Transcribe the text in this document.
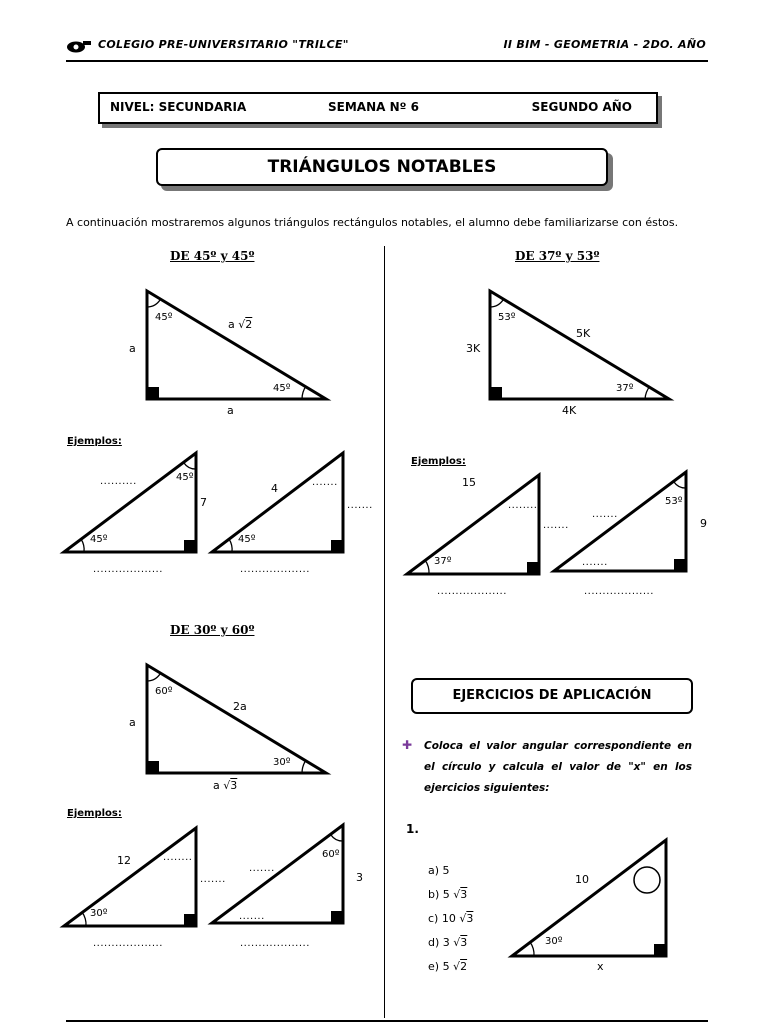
COLEGIO PRE-UNIVERSITARIO "TRILCE"	II BIM - GEOMETRIA - 2DO. AÑO
NIVEL: SECUNDARIA	SEMANA Nº 6	SEGUNDO AÑO
TRIÁNGULOS NOTABLES
A continuación mostraremos algunos triángulos rectángulos notables, el alumno debe familiarizarse con éstos.
DE 45º y 45º
45º
45º
a √2
a
a
Ejemplos:
45º
45º
7
..........
...................
45º
4	.......
.......
...................
DE 37º y 53º
53º
37º
5K
3K
4K
Ejemplos:
37º
15
........
...................
53º
9
.......
.......
.......
...................
DE 30º y 60º
60º
30º
2a
a
a √3
Ejemplos:
30º
12	........
...................
60º
3
.......
.......
.......
...................
EJERCICIOS DE APLICACIÓN
✚ Coloca el valor angular correspondiente en el círculo y calcula el valor de "x" en los ejercicios siguientes:
1.
a) 5
b) 5 √3
c) 10 √3
d) 3 √3
e) 5 √2
10
30º
x
